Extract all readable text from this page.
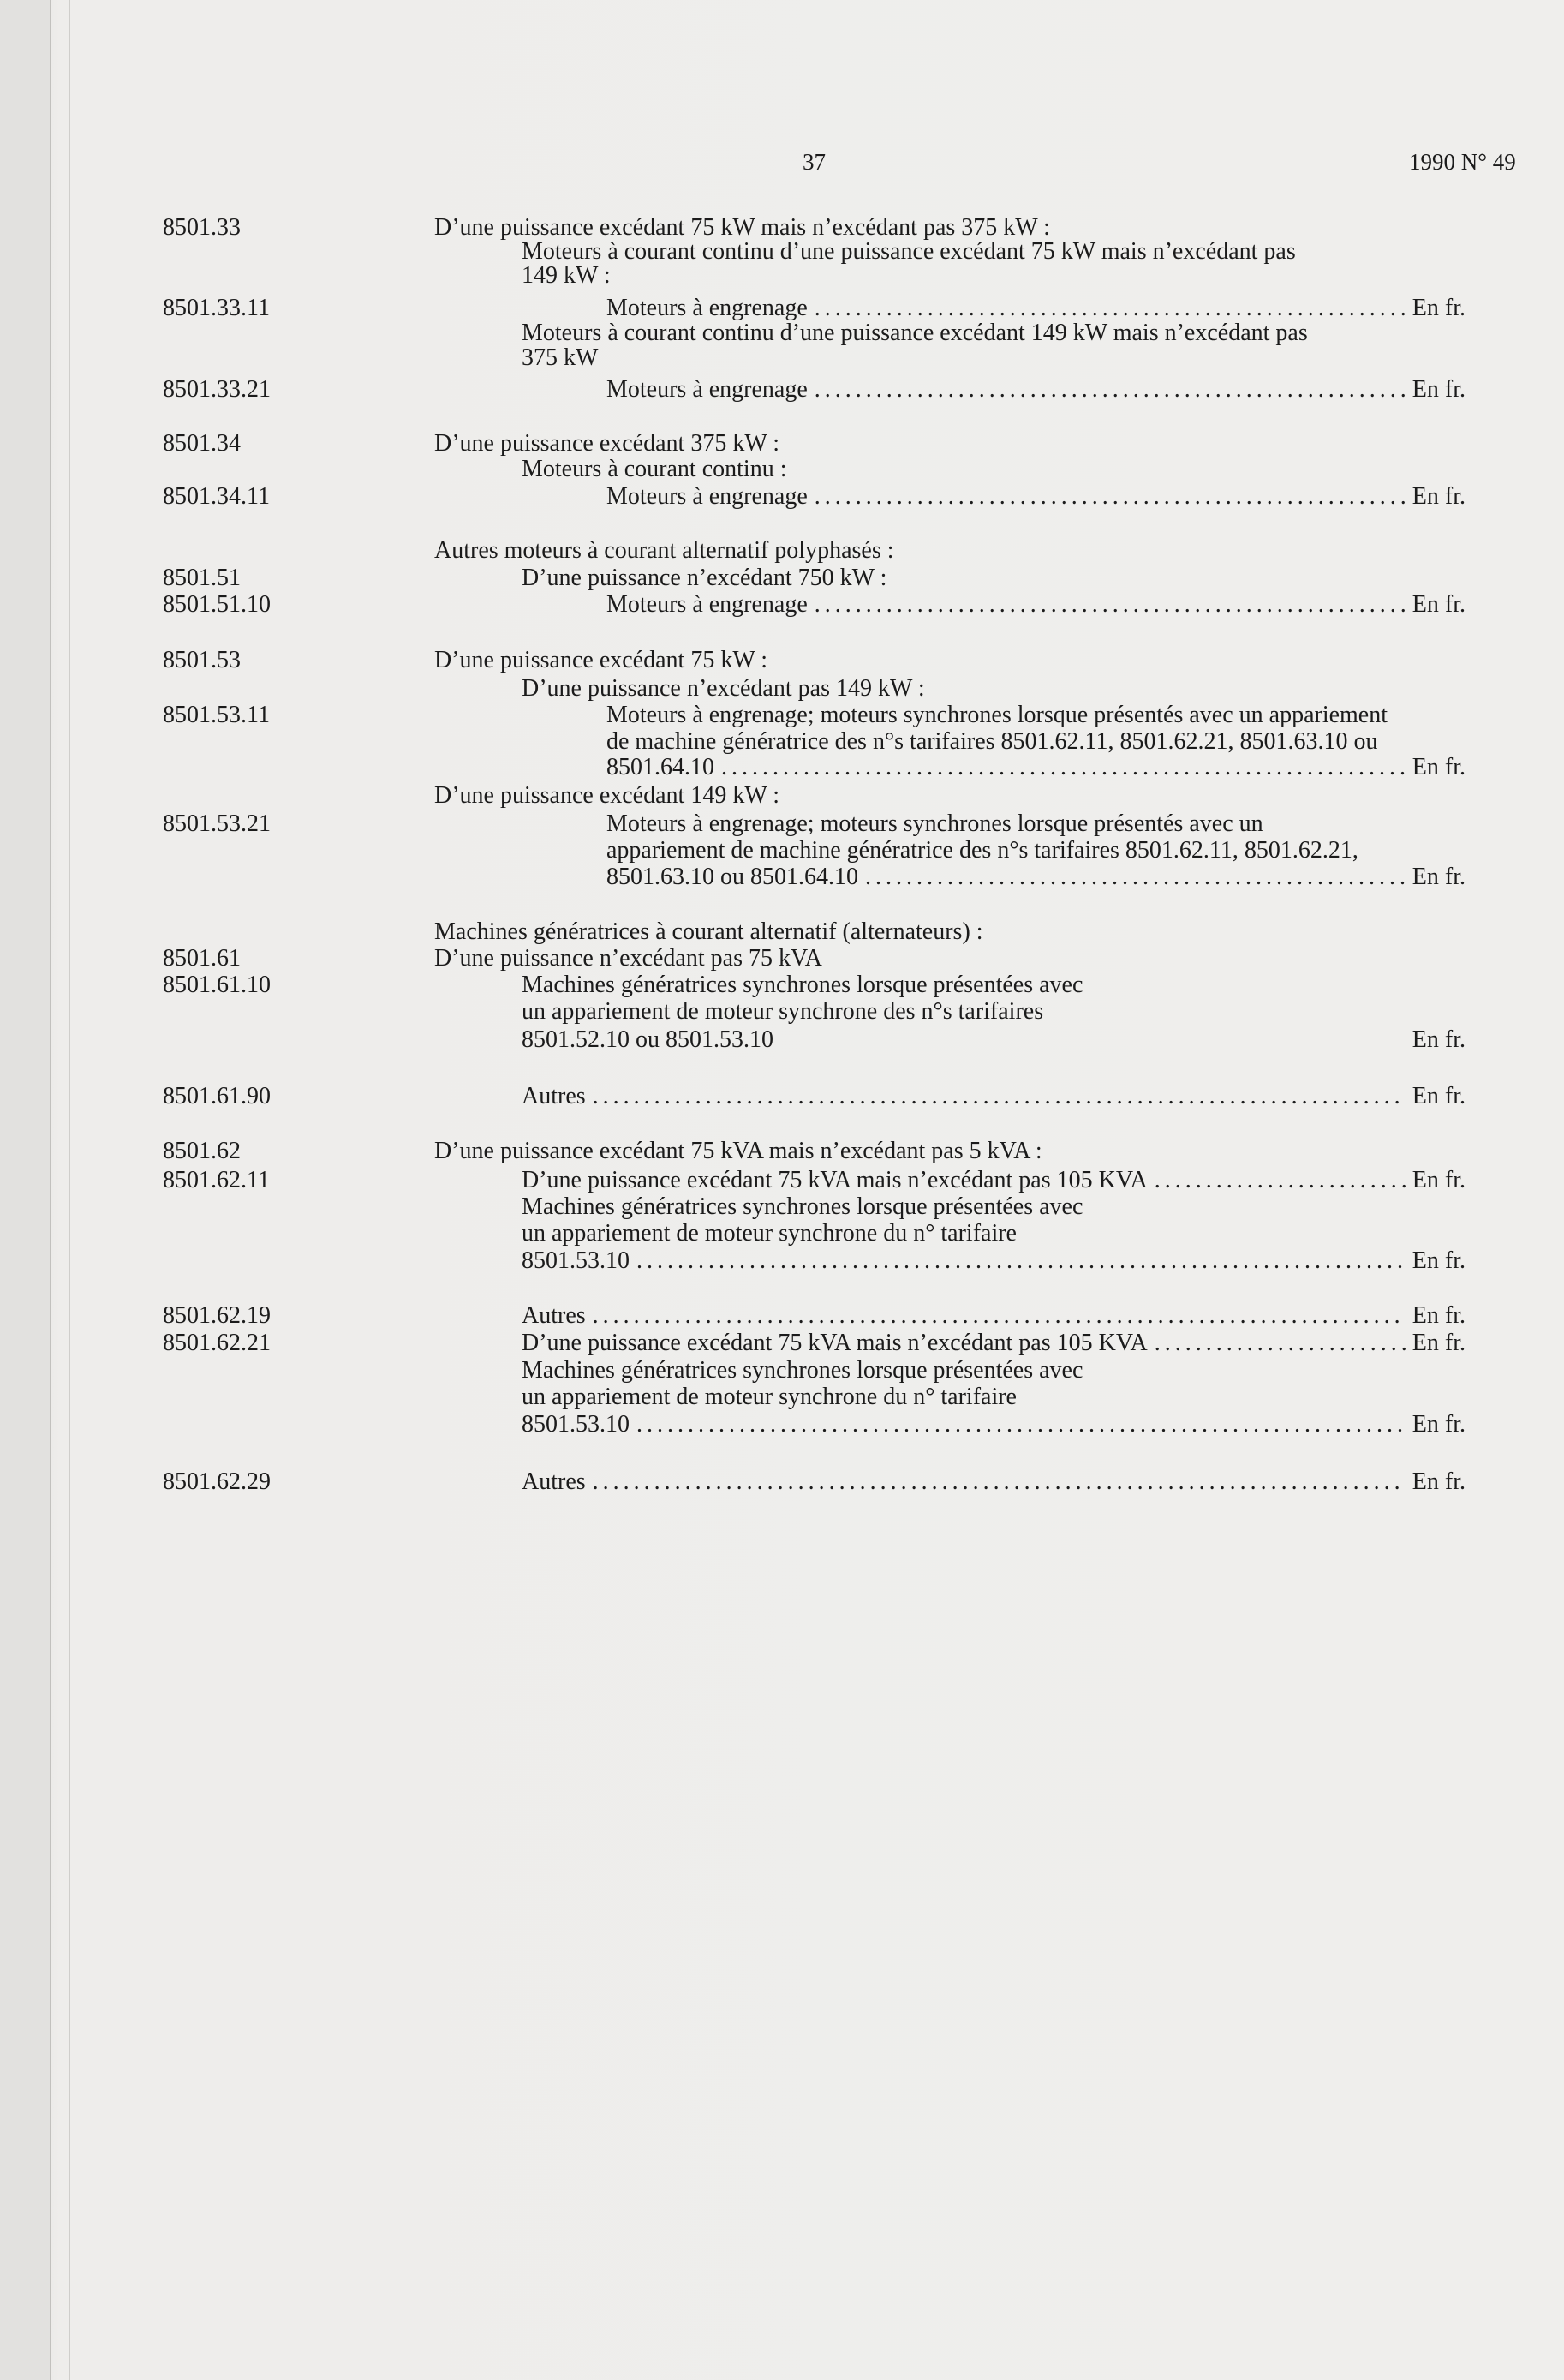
37	1990 N° 49
8501.33	D’une puissance excédant 75 kW mais n’excédant pas 375 kW :
Moteurs à courant continu d’une puissance excédant 75 kW mais n’excédant pas
149 kW :
8501.33.11	Moteurs à engrenage .....	En fr.
Moteurs à courant continu d’une puissance excédant 149 kW mais n’excédant pas
375 kW
8501.33.21	Moteurs à engrenage .....	En fr.
8501.34	D’une puissance excédant 375 kW :
Moteurs à courant continu :
8501.34.11	Moteurs à engrenage .....	En fr.
Autres moteurs à courant alternatif polyphasés :
8501.51	D’une puissance n’excédant 750 kW :
8501.51.10	Moteurs à engrenage .....	En fr.
8501.53	D’une puissance excédant 75 kW :
D’une puissance n’excédant pas 149 kW :
8501.53.11	Moteurs à engrenage; moteurs synchrones lorsque présentés avec un appariement
de machine génératrice des n°s tarifaires 8501.62.11, 8501.62.21, 8501.63.10 ou
8501.64.10 .....	En fr.
D’une puissance excédant 149 kW :
8501.53.21	Moteurs à engrenage; moteurs synchrones lorsque présentés avec un
appariement de machine génératrice des n°s tarifaires 8501.62.11, 8501.62.21,
8501.63.10 ou 8501.64.10 .....	En fr.
Machines génératrices à courant alternatif (alternateurs) :
8501.61	D’une puissance n’excédant pas 75 kVA
8501.61.10	Machines génératrices synchrones lorsque présentées avec
un appariement de moteur synchrone des n°s tarifaires
8501.52.10 ou 8501.53.10	En fr.
8501.61.90	Autres .....	En fr.
8501.62	D’une puissance excédant 75 kVA mais n’excédant pas 5 kVA :
8501.62.11	D’une puissance excédant 75 kVA mais n’excédant pas 105 KVA .....	En fr.
Machines génératrices synchrones lorsque présentées avec
un appariement de moteur synchrone du n° tarifaire
8501.53.10 .....	En fr.
8501.62.19	Autres .....	En fr.
8501.62.21	D’une puissance excédant 75 kVA mais n’excédant pas 105 KVA .....	En fr.
Machines génératrices synchrones lorsque présentées avec
un appariement de moteur synchrone du n° tarifaire
8501.53.10 .....	En fr.
8501.62.29	Autres .....	En fr.
